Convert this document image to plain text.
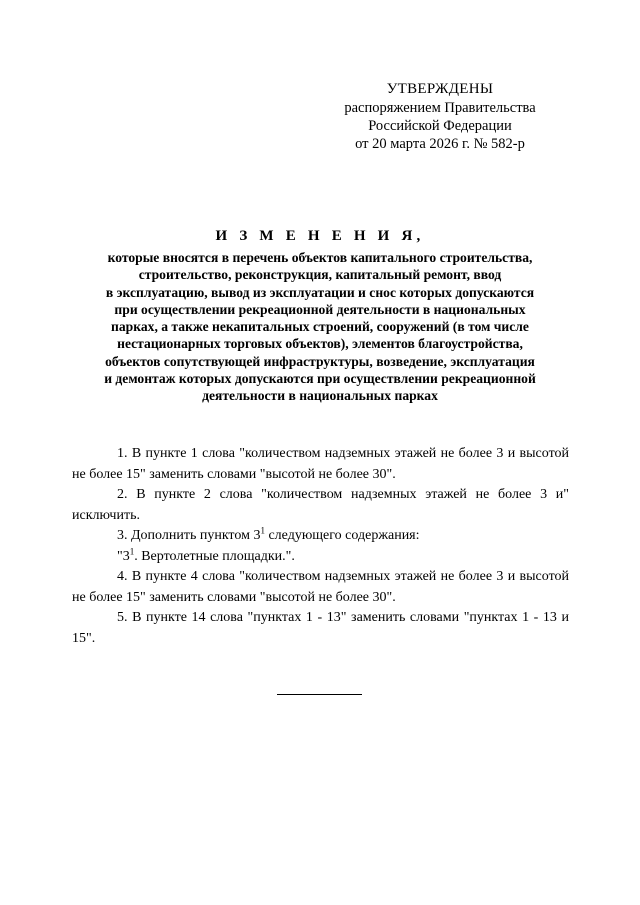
УТВЕРЖДЕНЫ
распоряжением Правительства
Российской Федерации
от 20 марта 2026 г. № 582-р
И З М Е Н Е Н И Я,
которые вносятся в перечень объектов капитального строительства,
строительство, реконструкция, капитальный ремонт, ввод
в эксплуатацию, вывод из эксплуатации и снос которых допускаются
при осуществлении рекреационной деятельности в национальных
парках, а также некапитальных строений, сооружений (в том числе
нестационарных торговых объектов), элементов благоустройства,
объектов сопутствующей инфраструктуры, возведение, эксплуатация
и демонтаж которых допускаются при осуществлении рекреационной
деятельности в национальных парках

1. В пункте 1 слова "количеством надземных этажей не более 3 и высотой не более 15" заменить словами "высотой не более 30".

2. В пункте 2 слова "количеством надземных этажей не более 3 и" исключить.

3. Дополнить пунктом $3^1$ следующего содержания:

"$3^1$. Вертолетные площадки.".

4. В пункте 4 слова "количеством надземных этажей не более 3 и высотой не более 15" заменить словами "высотой не более 30".

5. В пункте 14 слова "пунктах 1 - 13" заменить словами "пунктах 1 - 13 и 15".
